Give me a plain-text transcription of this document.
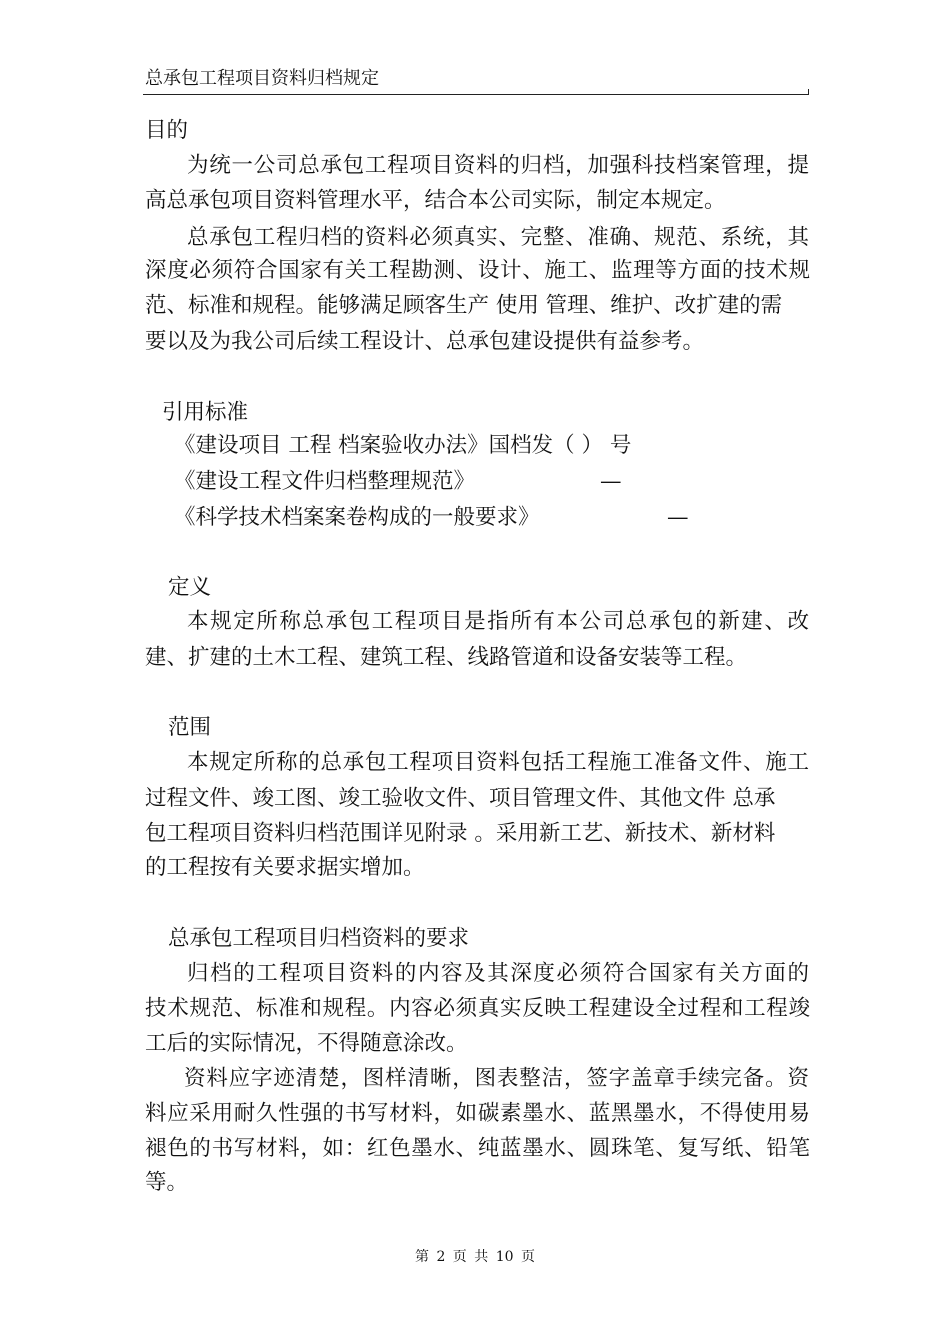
总承包工程项目资料归档规定
目的
为统一公司总承包工程项目资料的归档，加强科技档案管理，提
高总承包项目资料管理水平，结合本公司实际，制定本规定。
总承包工程归档的资料必须真实、完整、准确、规范、系统，其
深度必须符合国家有关工程勘测、设计、施工、监理等方面的技术规
范、标准和规程。能够满足顾客生产 使用 管理、维护、改扩建的需
要以及为我公司后续工程设计、总承包建设提供有益参考。
引用标准
《建设项目 工程 档案验收办法》国档发（ ） 号
《建设工程文件归档整理规范》	—
《科学技术档案案卷构成的一般要求》	—
定义
本规定所称总承包工程项目是指所有本公司总承包的新建、改
建、扩建的土木工程、建筑工程、线路管道和设备安装等工程。
范围
本规定所称的总承包工程项目资料包括工程施工准备文件、施工
过程文件、竣工图、竣工验收文件、项目管理文件、其他文件 总承
包工程项目资料归档范围详见附录 。采用新工艺、新技术、新材料
的工程按有关要求据实增加。
总承包工程项目归档资料的要求
归档的工程项目资料的内容及其深度必须符合国家有关方面的
技术规范、标准和规程。内容必须真实反映工程建设全过程和工程竣
工后的实际情况，不得随意涂改。
资料应字迹清楚，图样清晰，图表整洁，签字盖章手续完备。资
料应采用耐久性强的书写材料，如碳素墨水、蓝黑墨水，不得使用易
褪色的书写材料，如：红色墨水、纯蓝墨水、圆珠笔、复写纸、铅笔
等。
第 2 页 共 10 页
